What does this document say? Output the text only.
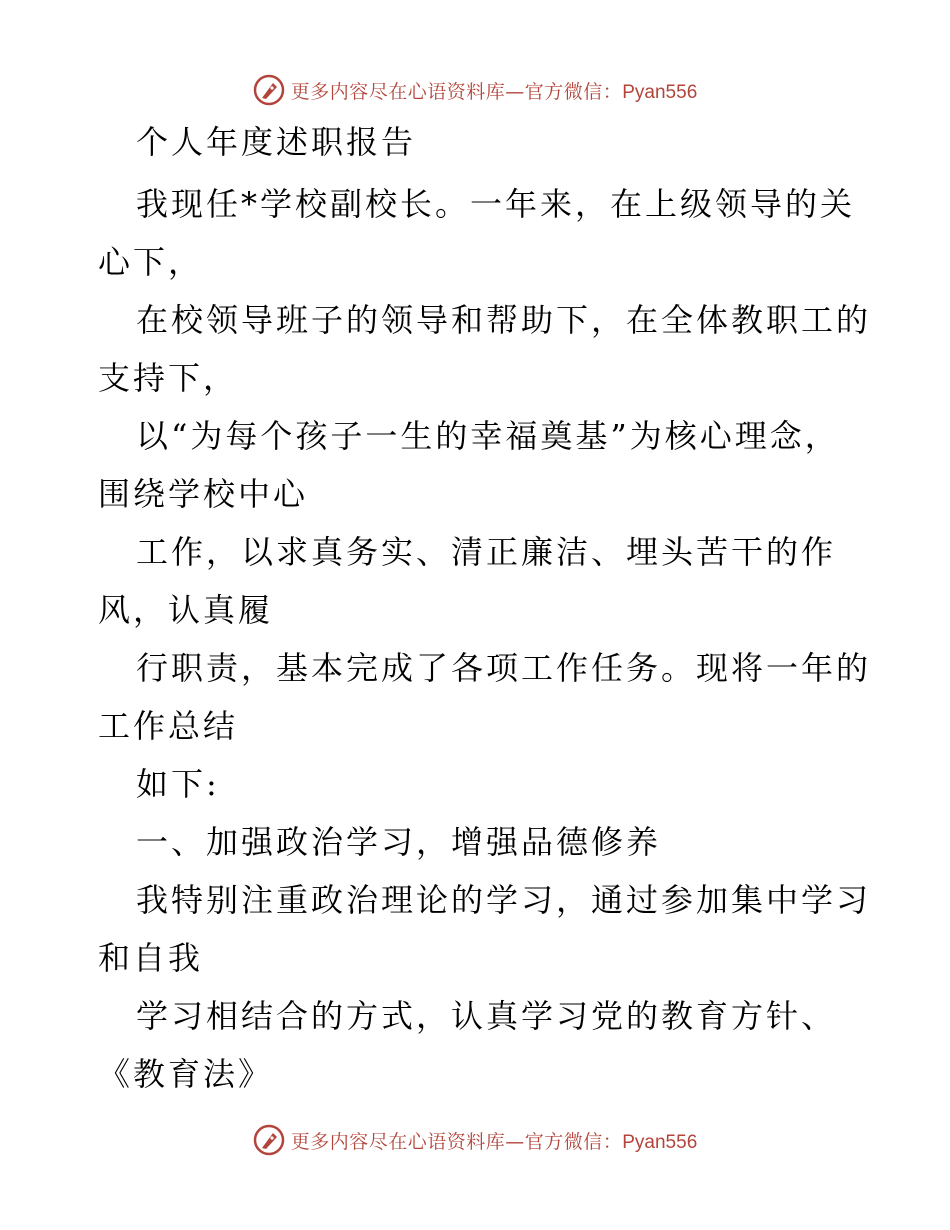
更多内容尽在心语资料库—官方微信：Pyan556
个人年度述职报告
我现任*学校副校长。一年来，在上级领导的关
心下，
在校领导班子的领导和帮助下，在全体教职工的
支持下，
以“为每个孩子一生的幸福奠基”为核心理念，
围绕学校中心
工作，以求真务实、清正廉洁、埋头苦干的作
风，认真履
行职责，基本完成了各项工作任务。现将一年的
工作总结
如下:
一、加强政治学习，增强品德修养
我特别注重政治理论的学习，通过参加集中学习
和自我
学习相结合的方式，认真学习党的教育方针、
《教育法》
更多内容尽在心语资料库—官方微信：Pyan556
